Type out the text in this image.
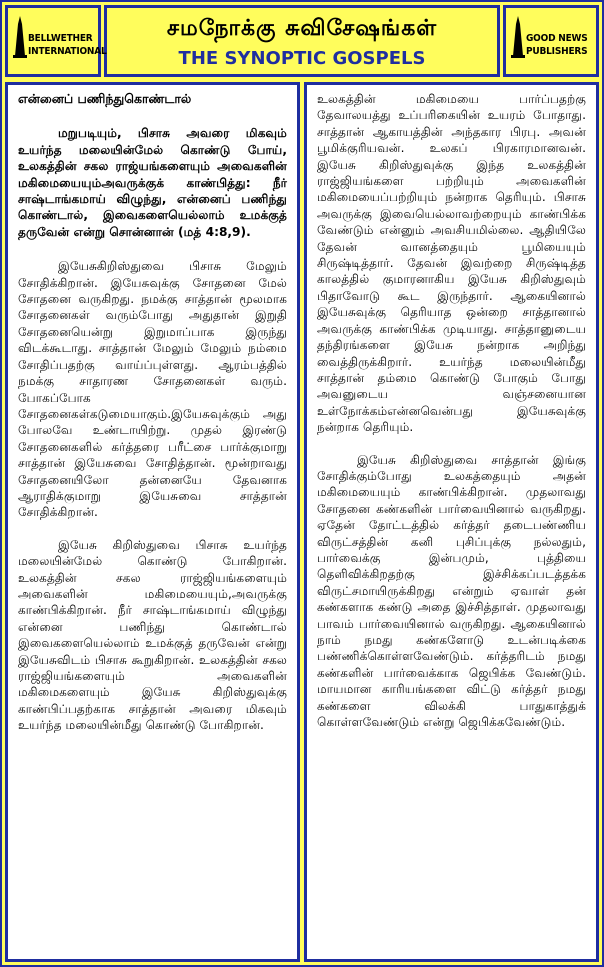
BELLWETHER
INTERNATIONAL
சமநோக்கு சுவிசேஷங்கள்
THE SYNOPTIC GOSPELS
GOOD NEWS
PUBLISHERS
என்னைப் பணிந்துகொண்டால்
மறுபடியும், பிசாசு அவரை மிகவும் உயர்ந்த மலையின்மேல் கொண்டு போய், உலகத்தின் சகல ராஜ்யங்களையும் அவைகளின் மகிமையையும்அவருக்குக் காண்பித்து: நீர் சாஷ்டாங்கமாய் விழுந்து, என்னைப் பணிந்து கொண்டால், இவைகளையெல்லாம் உமக்குத் தருவேன் என்று சொன்னான் (மத் 4:8,9).
இயேசுகிறிஸ்துவை பிசாசு மேலும் சோதிக்கிறான். இயேசுவுக்கு சோதனை மேல் சோதனை வருகிறது. நமக்கு சாத்தான் மூலமாக சோதனைகள் வரும்போது அதுதான் இறுதி சோதனையென்று இறுமாப்பாக இருந்து விடக்கூடாது. சாத்தான் மேலும் மேலும் நம்மை சோதிப்பதற்கு வாய்ப்புள்ளது. ஆரம்பத்தில் நமக்கு சாதாரண சோதனைகள் வரும். போகப்போக சோதனைகள்கடுமையாகும்.இயேசுவுக்கும் அது போலவே உண்டாயிற்று. முதல் இரண்டு சோதனைகளில் கர்த்தரை பரீட்சை பார்க்குமாறு சாத்தான் இயேசுவை சோதித்தான். மூன்றாவது சோதனையிலோ தன்னையே தேவனாக ஆராதிக்குமாறு இயேசுவை சாத்தான் சோதிக்கிறான்.
இயேசு கிறிஸ்துவை பிசாசு உயர்ந்த மலையின்மேல் கொண்டு போகிறான். உலகத்தின் சகல ராஜ்ஜியங்களையும் அவைகளின் மகிமையையும்,அவருக்கு காண்பிக்கிறான். நீர் சாஷ்டாங்கமாய் விழுந்து என்னை பணிந்து கொண்டால் இவைகளையெல்லாம் உமக்குத் தருவேன் என்று இயேசுவிடம் பிசாசு கூறுகிறான். உலகத்தின் சகல ராஜ்ஜியங்களையும் அவைகளின் மகிமைகளையும் இயேசு கிறிஸ்துவுக்கு காண்பிப்பதற்காக சாத்தான் அவரை மிகவும் உயர்ந்த மலையின்மீது கொண்டு போகிறான்.
உலகத்தின் மகிமையை பார்ப்பதற்கு தேவாலயத்து உப்பரிகையின் உயரம் போதாது. சாத்தான் ஆகாயத்தின் அந்தகார பிரபு. அவன் பூமிக்குரியவன். உலகப் பிரகாரமானவன். இயேசு கிறிஸ்துவுக்கு இந்த உலகத்தின் ராஜ்ஜியங்களை பற்றியும் அவைகளின் மகிமையைப்பற்றியும் நன்றாக தெரியும். பிசாசு அவருக்கு இவையெல்லாவற்றையும் காண்பிக்க வேண்டும் என்னும் அவசியமில்லை. ஆதியிலே தேவன் வானத்தையும் பூமியையும் சிருஷ்டித்தார். தேவன் இவற்றை சிருஷ்டித்த காலத்தில் குமாரனாகிய இயேசு கிறிஸ்துவும் பிதாவோடு கூட இருந்தார். ஆகையினால் இயேசுவுக்கு தெரியாத ஒன்றை சாத்தானால் அவருக்கு காண்பிக்க முடியாது. சாத்தானுடைய தந்திரங்களை இயேசு நன்றாக அறிந்து வைத்திருக்கிறார். உயர்ந்த மலையின்மீது சாத்தான் தம்மை கொண்டு போகும் போது அவனுடைய வஞ்சனையான உள்நோக்கம்என்னவென்பது இயேசுவுக்கு நன்றாக தெரியும்.
இயேசு கிறிஸ்துவை சாத்தான் இங்கு சோதிக்கும்போது உலகத்தையும் அதன் மகிமையையும் காண்பிக்கிறான். முதலாவது சோதனை கண்களின் பார்வையினால் வருகிறது. ஏதேன் தோட்டத்தில் கர்த்தர் தடைபண்ணிய விருட்சத்தின் கனி புசிப்புக்கு நல்லதும், பார்வைக்கு இன்பமும், புத்தியை தெளிவிக்கிறதற்கு இச்சிக்கப்படத்தக்க விருட்சமாயிருக்கிறது என்றும் ஏவாள் தன் கண்களாக கண்டு அதை இச்சித்தாள். முதலாவது பாவம் பார்வையினால் வருகிறது. ஆகையினால் நாம் நமது கண்களோடு உடன்படிக்கை பண்ணிக்கொள்ளவேண்டும். கர்த்தரிடம் நமது கண்களின் பார்வைக்காக ஜெபிக்க வேண்டும். மாயமான காரியங்களை விட்டு கர்த்தர் நமது கண்களை விலக்கி பாதுகாத்துக் கொள்ளவேண்டும் என்று ஜெபிக்கவேண்டும்.
